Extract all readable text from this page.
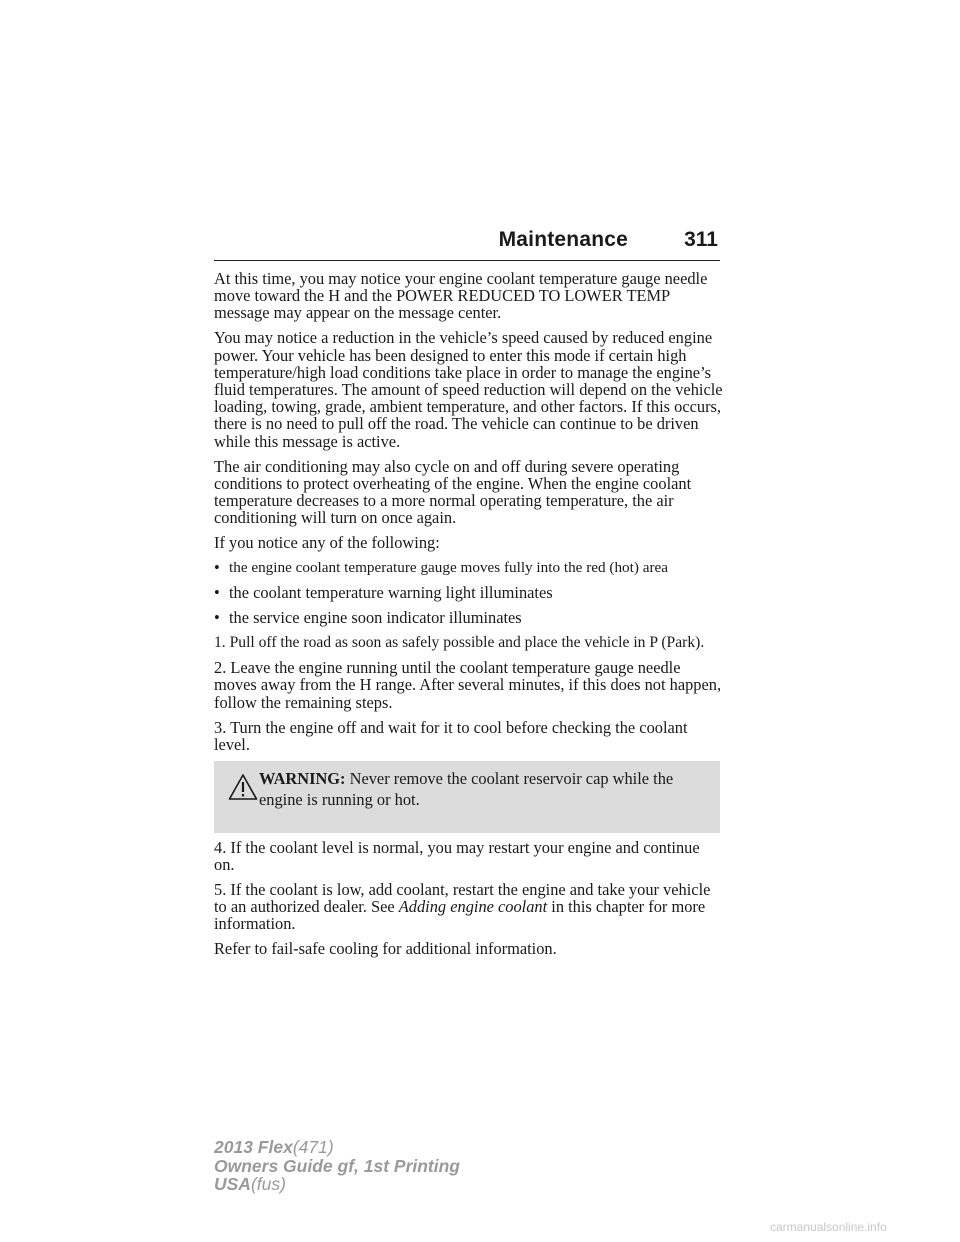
Maintenance	311

At this time, you may notice your engine coolant temperature gauge needle move toward the H and the POWER REDUCED TO LOWER TEMP message may appear on the message center.

You may notice a reduction in the vehicle’s speed caused by reduced engine power. Your vehicle has been designed to enter this mode if certain high temperature/high load conditions take place in order to manage the engine’s fluid temperatures. The amount of speed reduction will depend on the vehicle loading, towing, grade, ambient temperature, and other factors. If this occurs, there is no need to pull off the road. The vehicle can continue to be driven while this message is active.

The air conditioning may also cycle on and off during severe operating conditions to protect overheating of the engine. When the engine coolant temperature decreases to a more normal operating temperature, the air conditioning will turn on once again.

If you notice any of the following:

• the engine coolant temperature gauge moves fully into the red (hot) area
• the coolant temperature warning light illuminates
• the service engine soon indicator illuminates

1. Pull off the road as soon as safely possible and place the vehicle in P (Park).

2. Leave the engine running until the coolant temperature gauge needle moves away from the H range. After several minutes, if this does not happen, follow the remaining steps.

3. Turn the engine off and wait for it to cool before checking the coolant level.

WARNING: Never remove the coolant reservoir cap while the engine is running or hot.

4. If the coolant level is normal, you may restart your engine and continue on.

5. If the coolant is low, add coolant, restart the engine and take your vehicle to an authorized dealer. See Adding engine coolant in this chapter for more information.

Refer to fail-safe cooling for additional information.

2013 Flex(471)
Owners Guide gf, 1st Printing
USA(fus)
carmanualsonline.info
